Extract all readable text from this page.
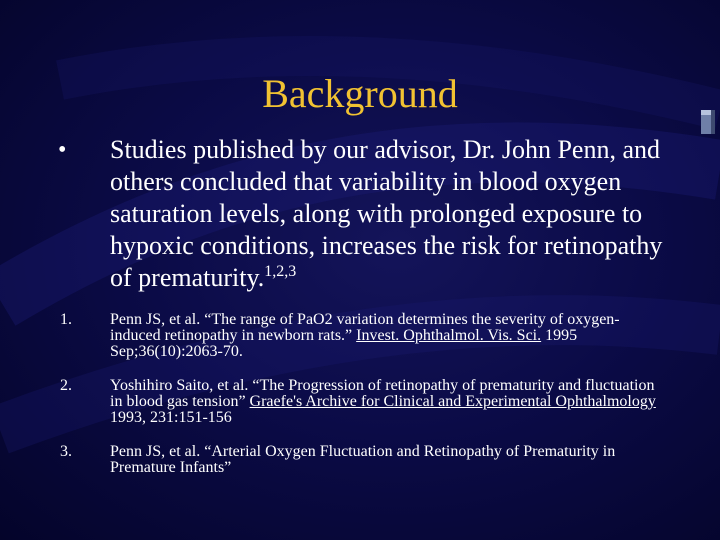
Background
• Studies published by our advisor, Dr. John Penn, and others concluded that variability in blood oxygen saturation levels, along with prolonged exposure to hypoxic conditions, increases the risk for retinopathy of prematurity.$^{1,2,3}$
1. Penn JS, et al. “The range of PaO2 variation determines the severity of oxygen-induced retinopathy in newborn rats.” Invest. Ophthalmol. Vis. Sci. 1995 Sep;36(10):2063-70.
2. Yoshihiro Saito, et al. “The Progression of retinopathy of prematurity and fluctuation in blood gas tension” Graefe's Archive for Clinical and Experimental Ophthalmology 1993, 231:151-156
3. Penn JS, et al. “Arterial Oxygen Fluctuation and Retinopathy of Prematurity in Premature Infants”
